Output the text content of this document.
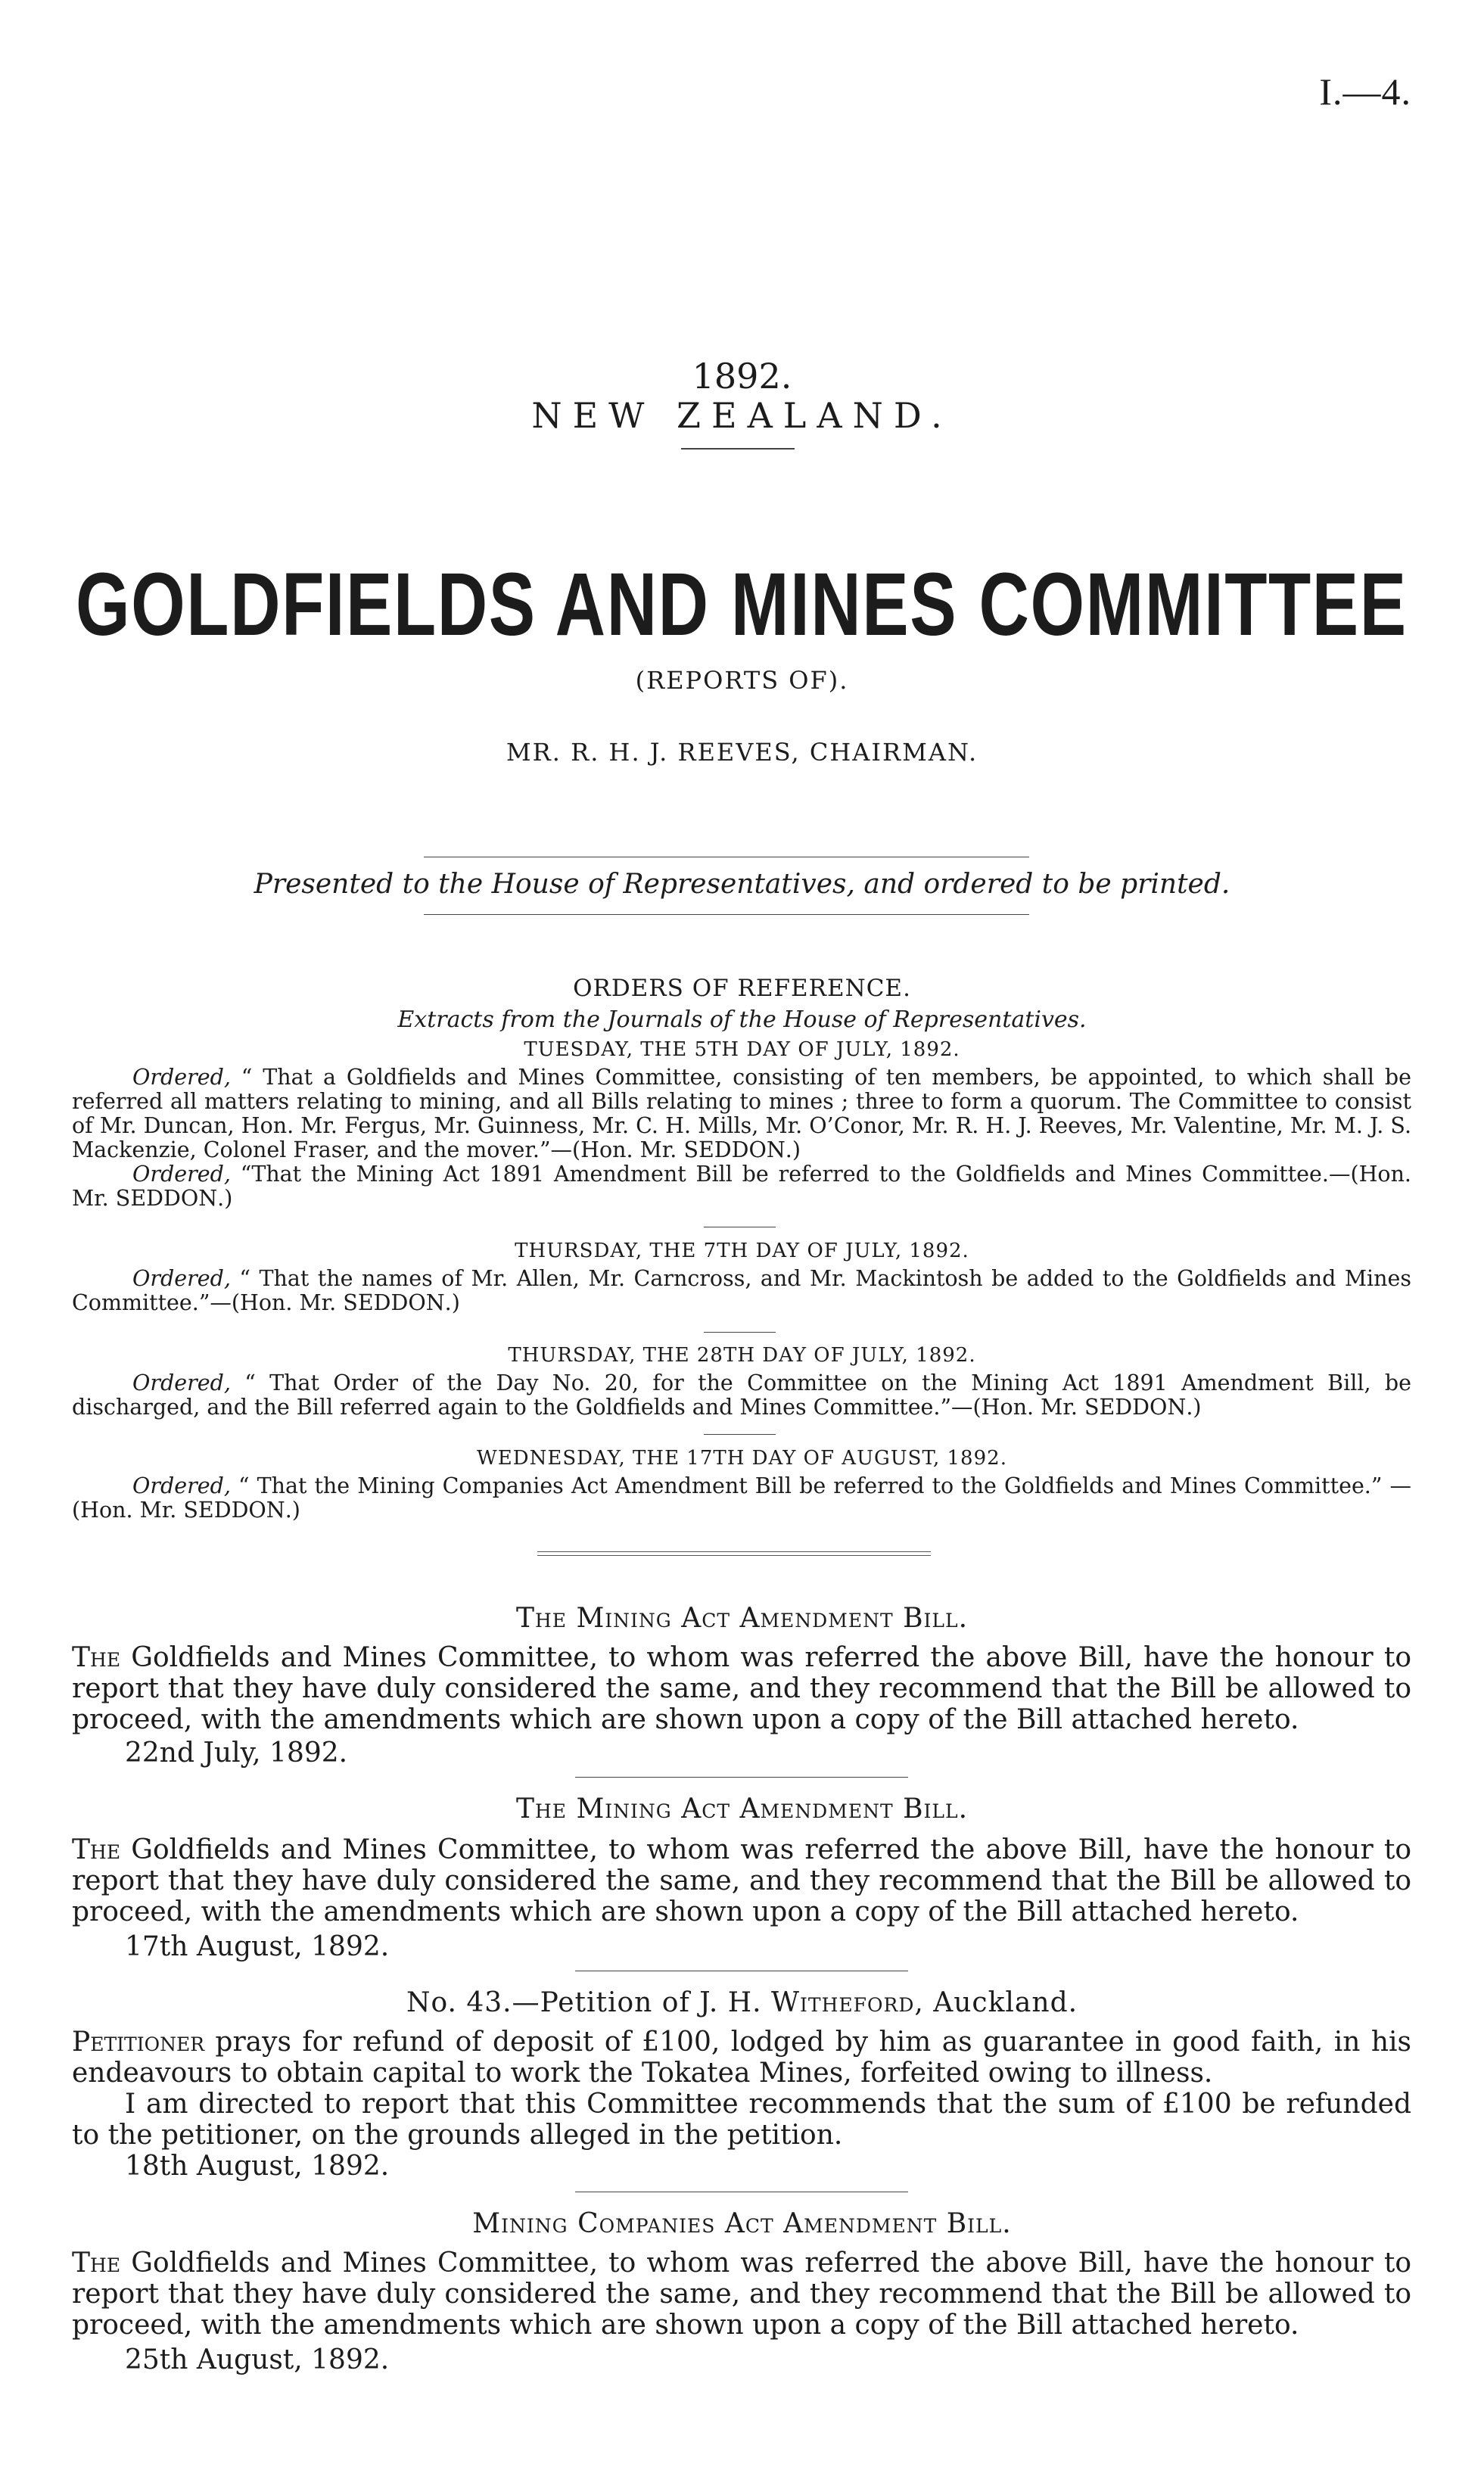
I.—4.
1892.
NEW ZEALAND.
GOLDFIELDS AND MINES COMMITTEE
(REPORTS OF).
MR. R. H. J. REEVES, CHAIRMAN.
Presented to the House of Representatives, and ordered to be printed.
ORDERS OF REFERENCE.
Extracts from the Journals of the House of Representatives.
TUESDAY, THE 5TH DAY OF JULY, 1892.

Ordered, “ That a Goldfields and Mines Committee, consisting of ten members, be appointed, to which shall be referred all matters relating to mining, and all Bills relating to mines ; three to form a quorum. The Committee to consist of Mr. Duncan, Hon. Mr. Fergus, Mr. Guinness, Mr. C. H. Mills, Mr. O’Conor, Mr. R. H. J. Reeves, Mr. Valentine, Mr. M. J. S. Mackenzie, Colonel Fraser, and the mover.”—(Hon. Mr. SEDDON.)

Ordered, “That the Mining Act 1891 Amendment Bill be referred to the Goldfields and Mines Committee.—(Hon. Mr. SEDDON.)

THURSDAY, THE 7TH DAY OF JULY, 1892.

Ordered, “ That the names of Mr. Allen, Mr. Carncross, and Mr. Mackintosh be added to the Goldfields and Mines Committee.”—(Hon. Mr. SEDDON.)

THURSDAY, THE 28TH DAY OF JULY, 1892.

Ordered, “ That Order of the Day No. 20, for the Committee on the Mining Act 1891 Amendment Bill, be discharged, and the Bill referred again to the Goldfields and Mines Committee.”—(Hon. Mr. SEDDON.)

WEDNESDAY, THE 17TH DAY OF AUGUST, 1892.

Ordered, “ That the Mining Companies Act Amendment Bill be referred to the Goldfields and Mines Committee.” —(Hon. Mr. SEDDON.)

The Mining Act Amendment Bill.

The Goldfields and Mines Committee, to whom was referred the above Bill, have the honour to report that they have duly considered the same, and they recommend that the Bill be allowed to proceed, with the amendments which are shown upon a copy of the Bill attached hereto.

22nd July, 1892.
The Mining Act Amendment Bill.

The Goldfields and Mines Committee, to whom was referred the above Bill, have the honour to report that they have duly considered the same, and they recommend that the Bill be allowed to proceed, with the amendments which are shown upon a copy of the Bill attached hereto.

17th August, 1892.
No. 43.—Petition of J. H. Witheford, Auckland.

Petitioner prays for refund of deposit of £100, lodged by him as guarantee in good faith, in his endeavours to obtain capital to work the Tokatea Mines, forfeited owing to illness.

I am directed to report that this Committee recommends that the sum of £100 be refunded to the petitioner, on the grounds alleged in the petition.

18th August, 1892.
Mining Companies Act Amendment Bill.

The Goldfields and Mines Committee, to whom was referred the above Bill, have the honour to report that they have duly considered the same, and they recommend that the Bill be allowed to proceed, with the amendments which are shown upon a copy of the Bill attached hereto.

25th August, 1892.
